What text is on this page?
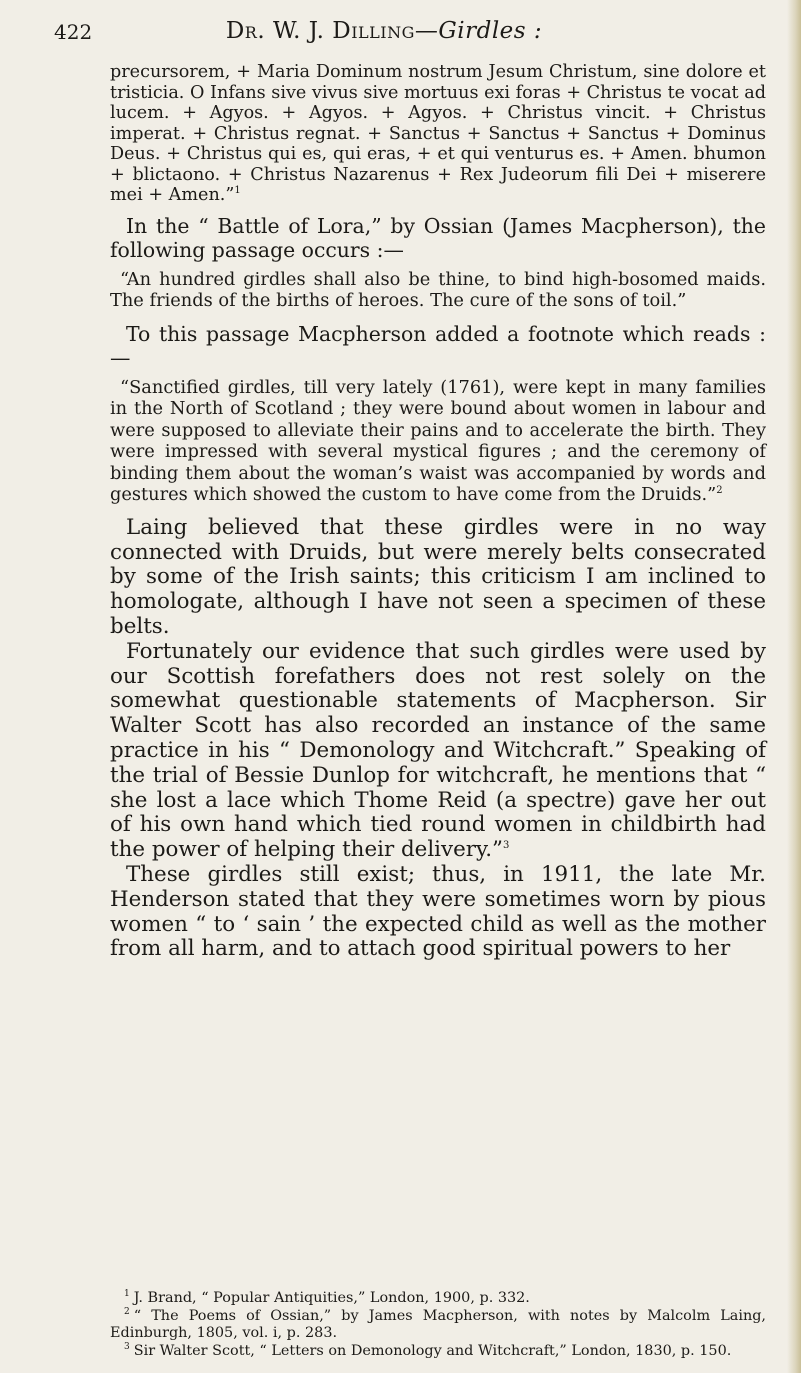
422	Dr. W. J. Dilling—Girdles :

precursorem, + Maria Dominum nostrum Jesum Christum, sine dolore et tristicia. O Infans sive vivus sive mortuus exi foras + Christus te vocat ad lucem. + Agyos. + Agyos. + Agyos. + Christus vincit. + Christus imperat. + Christus regnat. + Sanctus + Sanctus + Sanctus + Dominus Deus. + Christus qui es, qui eras, + et qui venturus es. + Amen. bhumon + blictaono. + Christus Nazarenus + Rex Judeorum fili Dei + miserere mei + Amen.”$^1$

In the “ Battle of Lora,” by Ossian (James Macpherson), the following passage occurs :—

“An hundred girdles shall also be thine, to bind high-bosomed maids. The friends of the births of heroes. The cure of the sons of toil.”

To this passage Macpherson added a footnote which reads :—

“Sanctified girdles, till very lately (1761), were kept in many families in the North of Scotland ; they were bound about women in labour and were supposed to alleviate their pains and to accelerate the birth. They were impressed with several mystical figures ; and the ceremony of binding them about the woman’s waist was accompanied by words and gestures which showed the custom to have come from the Druids.”$^2$

Laing believed that these girdles were in no way connected with Druids, but were merely belts consecrated by some of the Irish saints; this criticism I am inclined to homologate, although I have not seen a specimen of these belts.

Fortunately our evidence that such girdles were used by our Scottish forefathers does not rest solely on the somewhat questionable statements of Macpherson. Sir Walter Scott has also recorded an instance of the same practice in his “ Demonology and Witchcraft.” Speaking of the trial of Bessie Dunlop for witchcraft, he mentions that “ she lost a lace which Thome Reid (a spectre) gave her out of his own hand which tied round women in childbirth had the power of helping their delivery.”$^3$

These girdles still exist; thus, in 1911, the late Mr. Henderson stated that they were sometimes worn by pious women “ to ‘ sain ’ the expected child as well as the mother from all harm, and to attach good spiritual powers to her

$^1$ J. Brand, “ Popular Antiquities,” London, 1900, p. 332.

$^2$ “ The Poems of Ossian,” by James Macpherson, with notes by Malcolm Laing, Edinburgh, 1805, vol. i, p. 283.

$^3$ Sir Walter Scott, “ Letters on Demonology and Witchcraft,” London, 1830, p. 150.
